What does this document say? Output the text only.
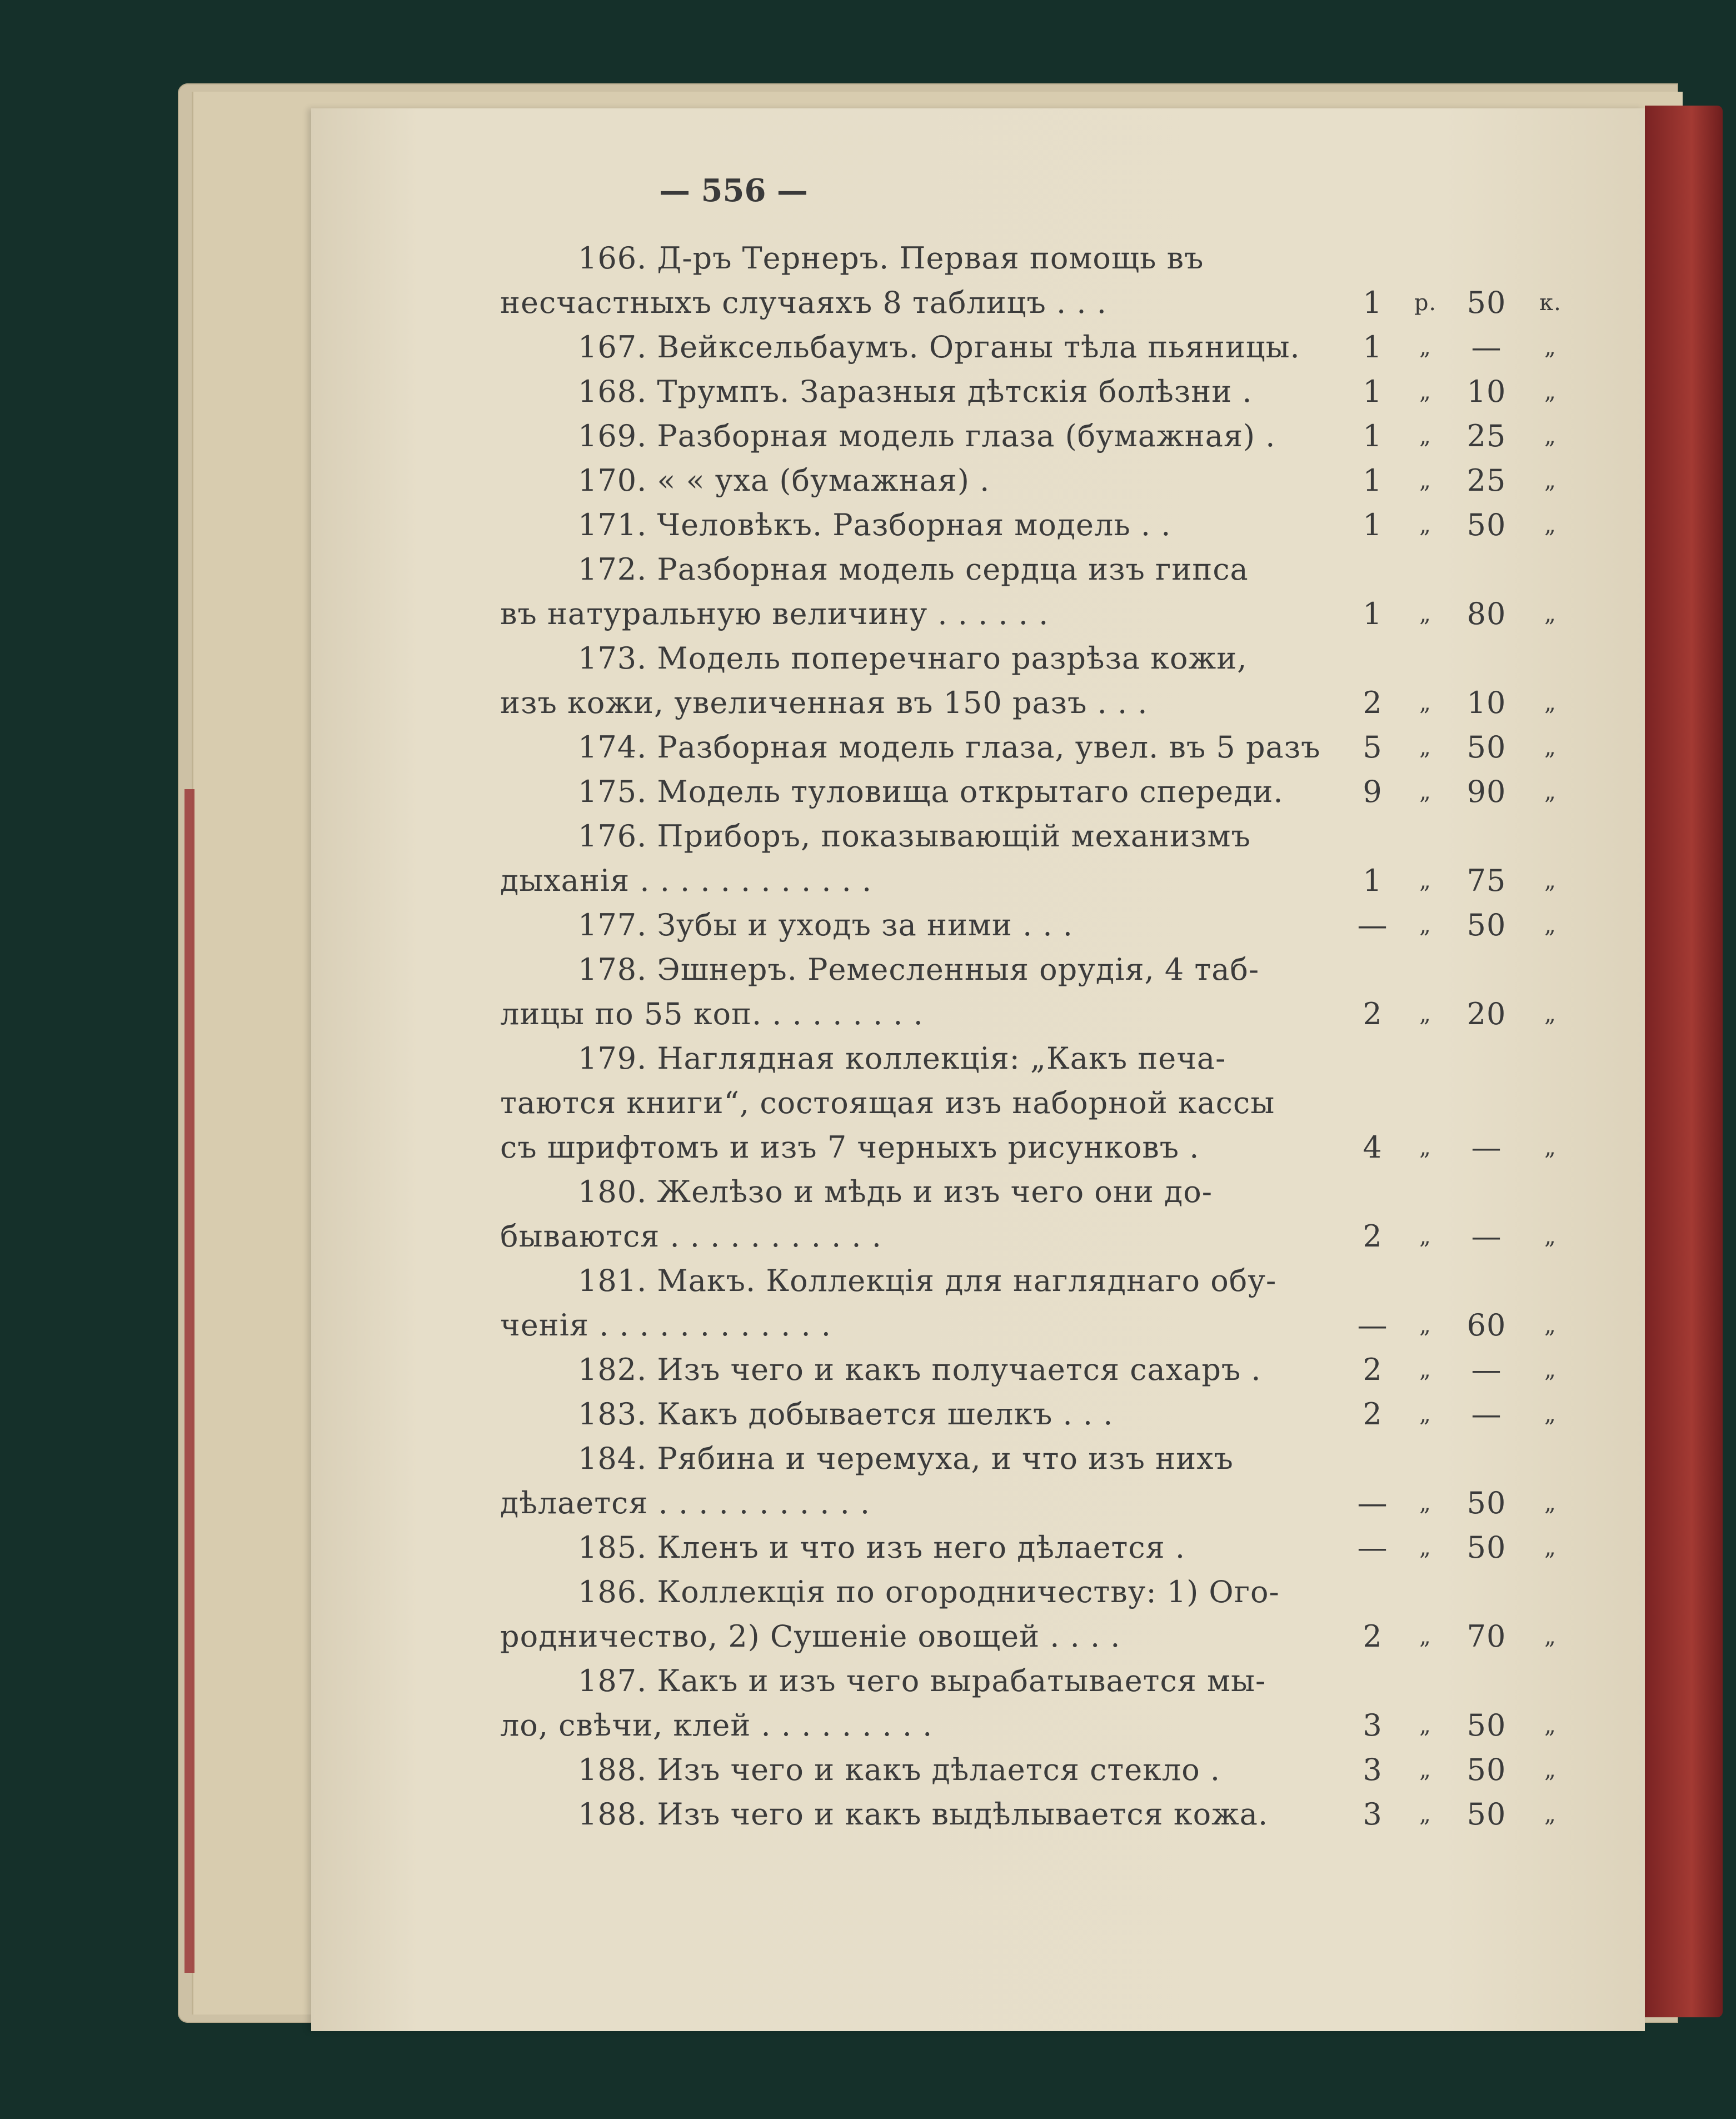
— 556 —
166. Д-ръ Тернеръ. Первая помощь въ
несчастныхъ случаяхъ 8 таблицъ . . .	1	р.	50	к.
167. Вейксельбаумъ. Органы тѣла пьяницы.	1	„	—	„
168. Трумпъ. Заразныя дѣтскія болѣзни .	1	„	10	„
169. Разборная модель глаза (бумажная) .	1	„	25	„
170. « « уха (бумажная) .	1	„	25	„
171. Человѣкъ. Разборная модель . .	1	„	50	„
172. Разборная модель сердца изъ гипса
въ натуральную величину . . . . . .	1	„	80	„
173. Модель поперечнаго разрѣза кожи,
изъ кожи, увеличенная въ 150 разъ . . .	2	„	10	„
174. Разборная модель глаза, увел. въ 5 разъ	5	„	50	„
175. Модель туловища открытаго спереди.	9	„	90	„
176. Приборъ, показывающій механизмъ
дыханія . . . . . . . . . . . .	1	„	75	„
177. Зубы и уходъ за ними . . .	—	„	50	„
178. Эшнеръ. Ремесленныя орудія, 4 таб-
лицы по 55 коп. . . . . . . . .	2	„	20	„
179. Наглядная коллекція: „Какъ печа-
таются книги“, состоящая изъ наборной кассы
съ шрифтомъ и изъ 7 черныхъ рисунковъ .	4	„	—	„
180. Желѣзо и мѣдь и изъ чего они до-
бываются . . . . . . . . . . .	2	„	—	„
181. Макъ. Коллекція для нагляднаго обу-
ченія . . . . . . . . . . . .	—	„	60	„
182. Изъ чего и какъ получается сахаръ .	2	„	—	„
183. Какъ добывается шелкъ . . .	2	„	—	„
184. Рябина и черемуха, и что изъ нихъ
дѣлается . . . . . . . . . . .	—	„	50	„
185. Кленъ и что изъ него дѣлается .	—	„	50	„
186. Коллекція по огородничеству: 1) Ого-
родничество, 2) Сушеніе овощей . . . .	2	„	70	„
187. Какъ и изъ чего вырабатывается мы-
ло, свѣчи, клей . . . . . . . . .	3	„	50	„
188. Изъ чего и какъ дѣлается стекло .	3	„	50	„
188. Изъ чего и какъ выдѣлывается кожа.	3	„	50	„
